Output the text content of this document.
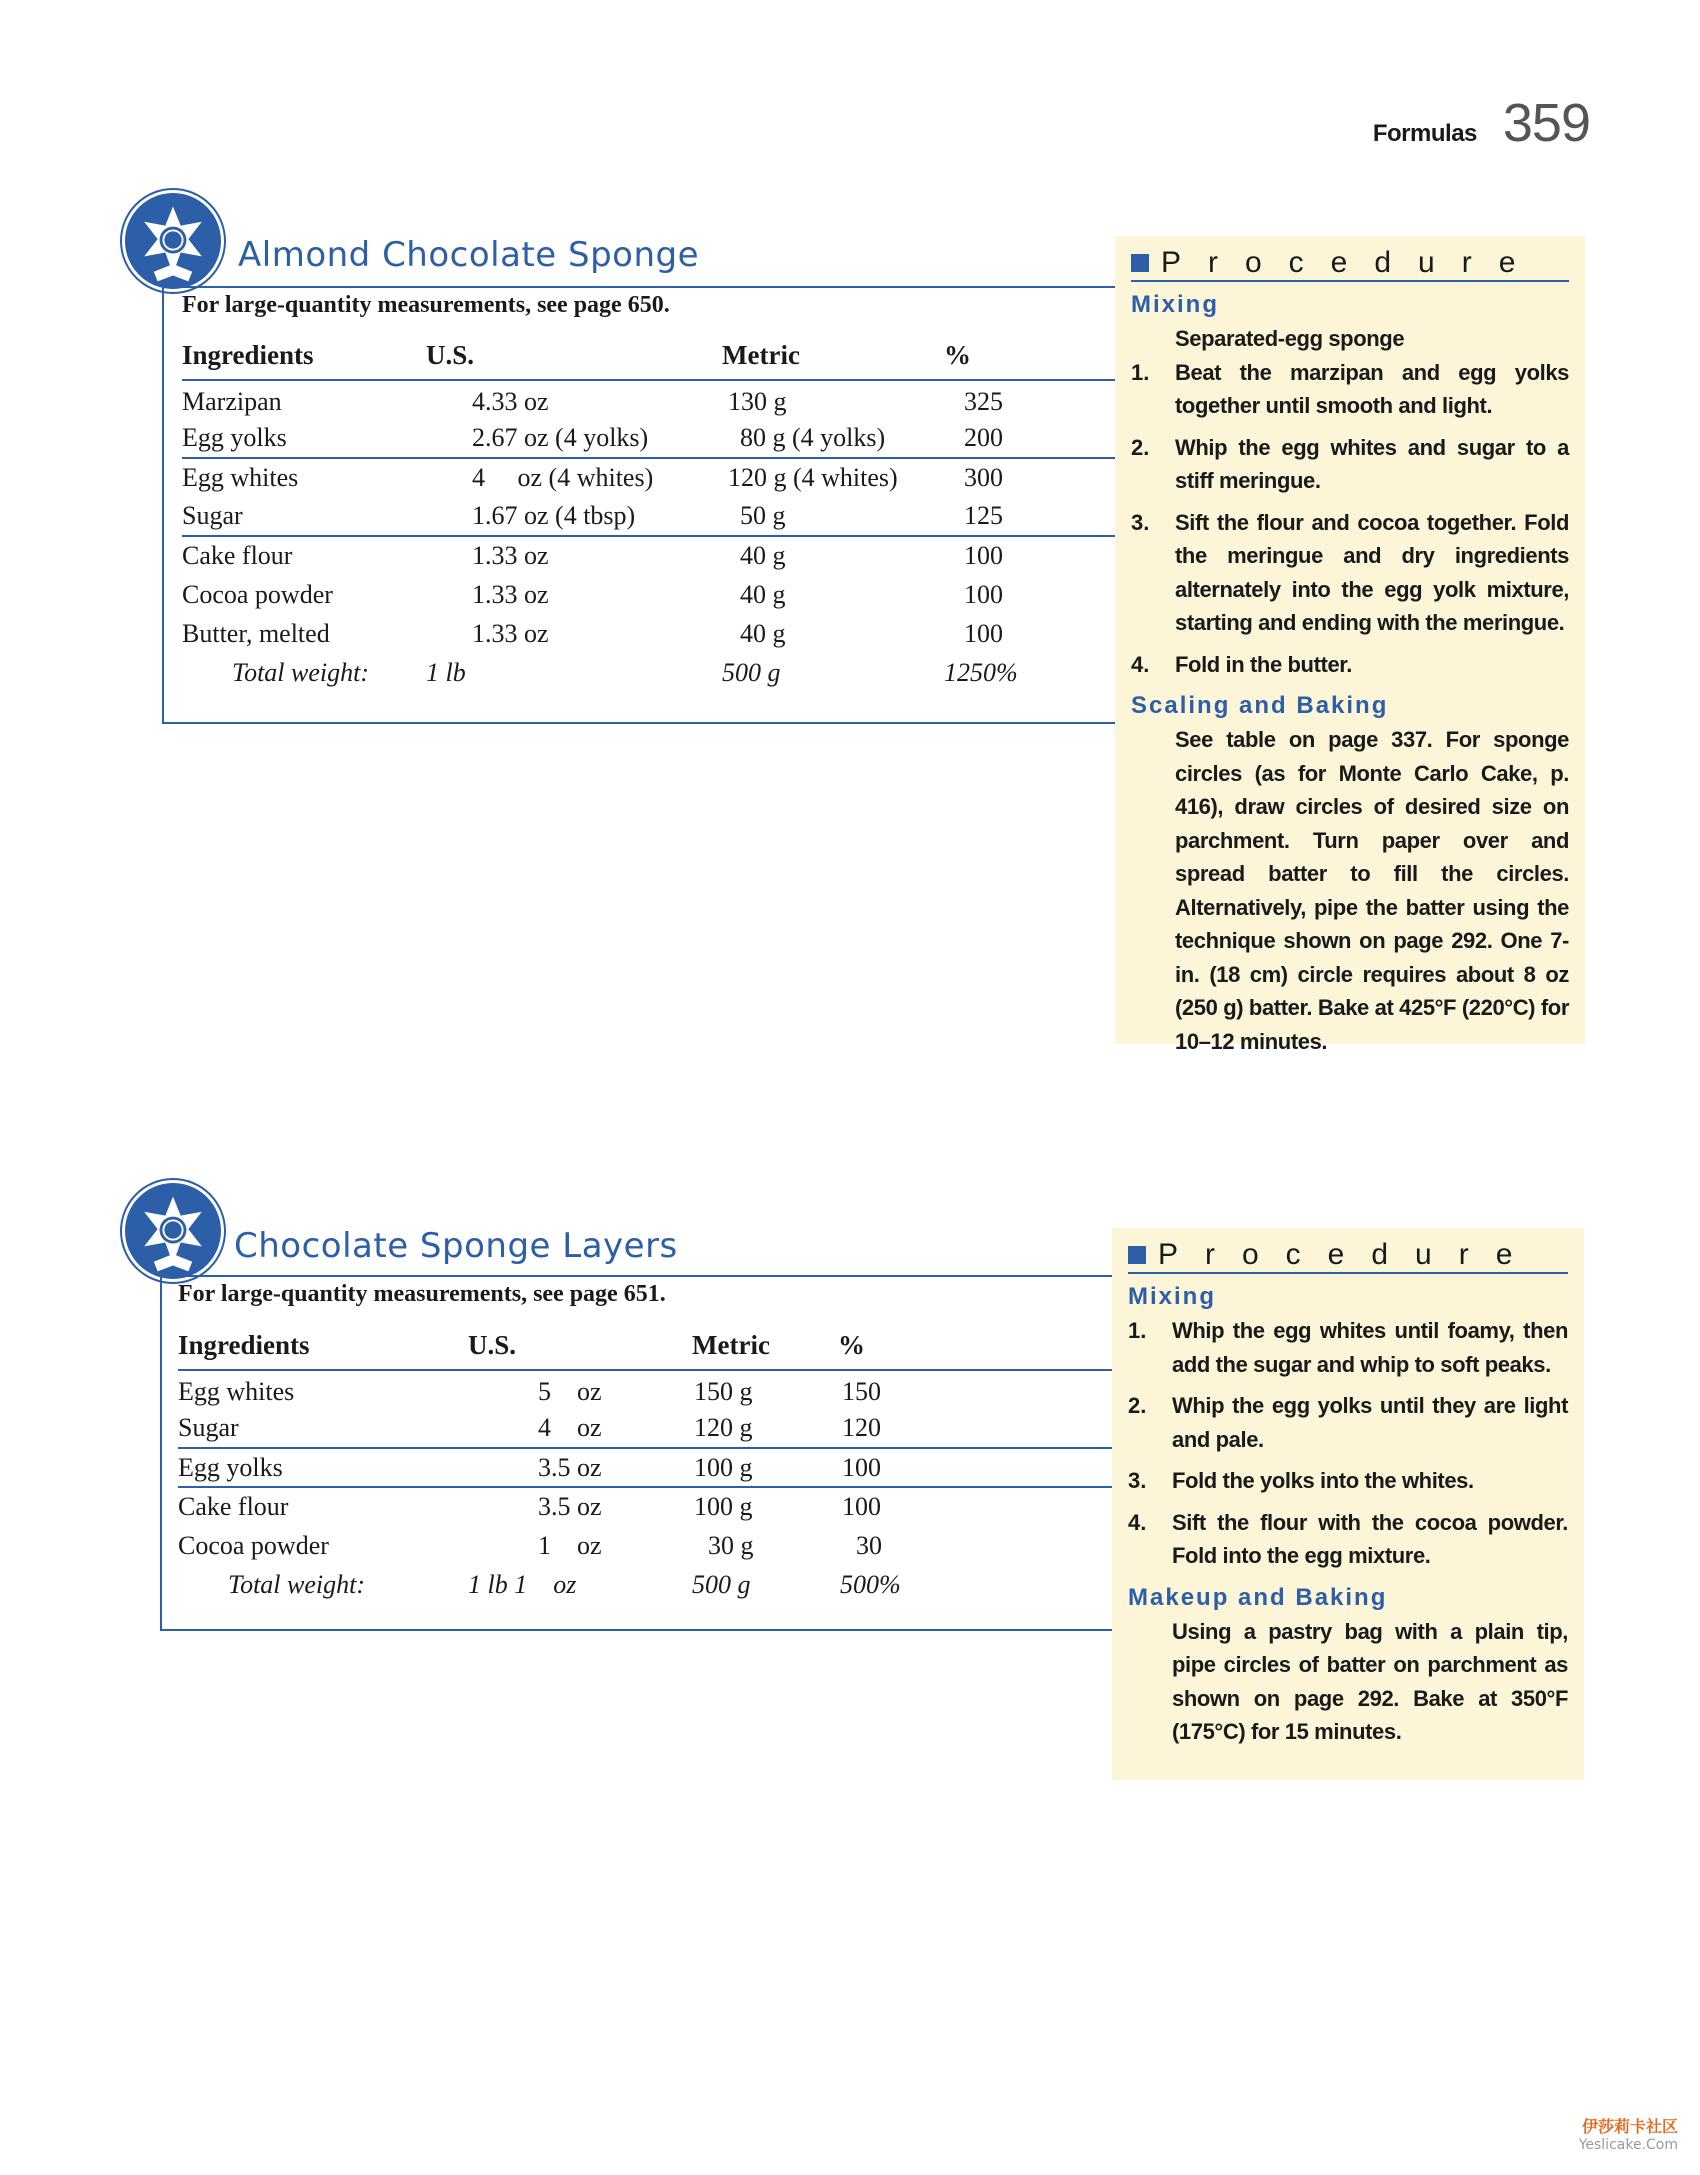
Formulas 359
Almond Chocolate Sponge
For large-quantity measurements, see page 650.
Ingredients	U.S.	Metric	%
Marzipan	4.33 oz	130 g	325
Egg yolks	2.67 oz (4 yolks)	80 g (4 yolks)	200
Egg whites	4     oz (4 whites)	120 g (4 whites)	300
Sugar	1.67 oz (4 tbsp)	50 g	125
Cake flour	1.33 oz	40 g	100
Cocoa powder	1.33 oz	40 g	100
Butter, melted	1.33 oz	40 g	100
Total weight:	1 lb	500 g	1250%
Procedure
Mixing
Separated-egg sponge
1.	Beat the marzipan and egg yolks together until smooth and light.
2.	Whip the egg whites and sugar to a stiff meringue.
3.	Sift the flour and cocoa together. Fold the meringue and dry ingredients alternately into the egg yolk mixture, starting and ending with the meringue.
4.	Fold in the butter.
Scaling and Baking
See table on page 337. For sponge circles (as for Monte Carlo Cake, p. 416), draw circles of desired size on parchment. Turn paper over and spread batter to fill the circles. Alternatively, pipe the batter using the technique shown on page 292. One 7-in. (18 cm) circle requires about 8 oz (250 g) batter. Bake at 425°F (220°C) for 10–12 minutes.
Chocolate Sponge Layers
For large-quantity measurements, see page 651.
Ingredients	U.S.	Metric	%
Egg whites	5    oz	150 g	150
Sugar	4    oz	120 g	120
Egg yolks	3.5 oz	100 g	100
Cake flour	3.5 oz	100 g	100
Cocoa powder	1    oz	30 g	30
Total weight:	1 lb 1    oz	500 g	500%
Procedure
Mixing
1.	Whip the egg whites until foamy, then add the sugar and whip to soft peaks.
2.	Whip the egg yolks until they are light and pale.
3.	Fold the yolks into the whites.
4.	Sift the flour with the cocoa powder. Fold into the egg mixture.
Makeup and Baking
Using a pastry bag with a plain tip, pipe circles of batter on parchment as shown on page 292. Bake at 350°F (175°C) for 15 minutes.
伊莎莉卡社区
Yeslicake.Com
